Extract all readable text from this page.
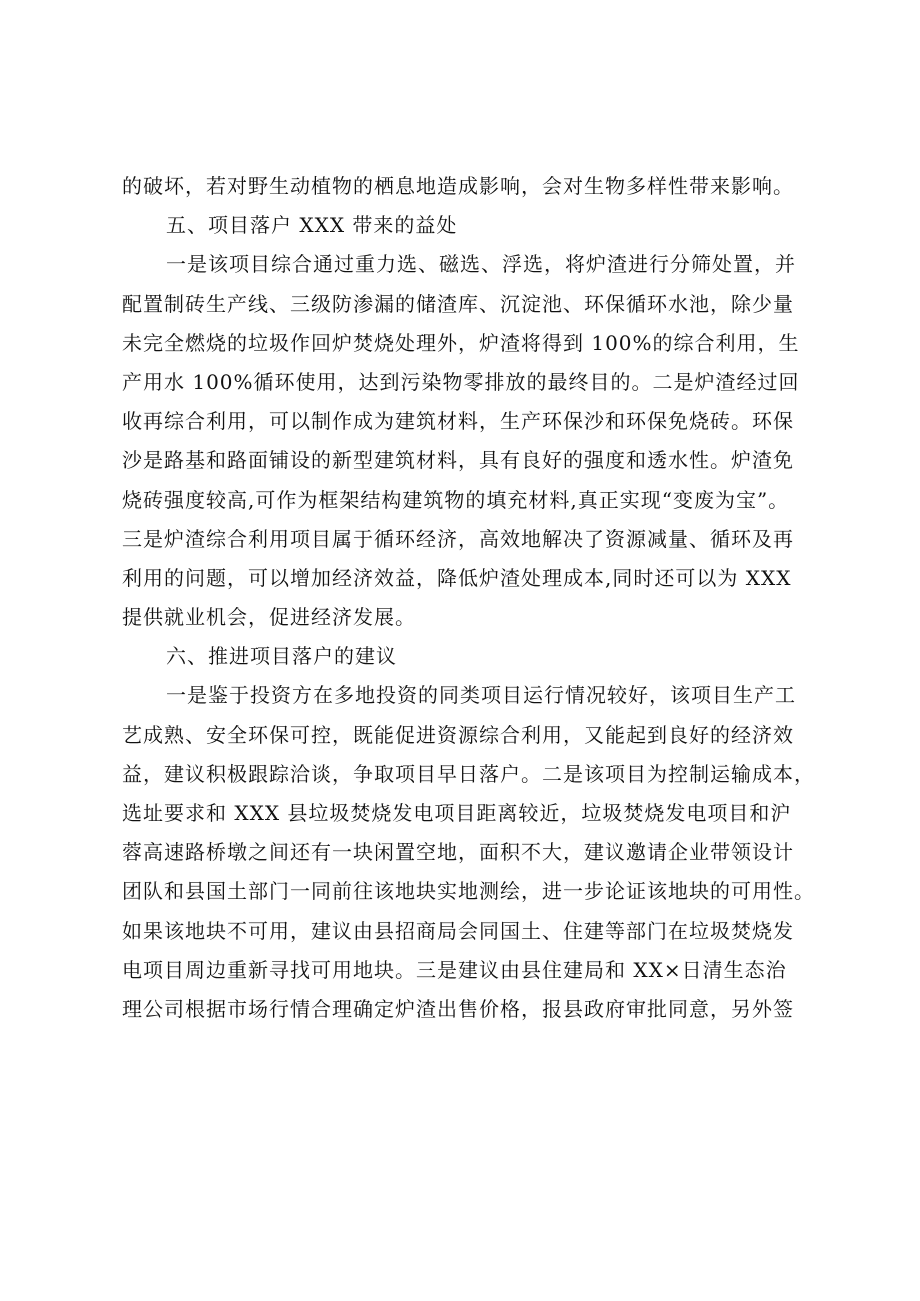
的破坏，若对野生动植物的栖息地造成影响，会对生物多样性带来影响。
五、项目落户 XXX 带来的益处
一是该项目综合通过重力选、磁选、浮选，将炉渣进行分筛处置，并
配置制砖生产线、三级防渗漏的储渣库、沉淀池、环保循环水池，除少量
未完全燃烧的垃圾作回炉焚烧处理外，炉渣将得到 100%的综合利用，生
产用水 100%循环使用，达到污染物零排放的最终目的。二是炉渣经过回
收再综合利用，可以制作成为建筑材料，生产环保沙和环保免烧砖。环保
沙是路基和路面铺设的新型建筑材料，具有良好的强度和透水性。炉渣免
烧砖强度较高,可作为框架结构建筑物的填充材料,真正实现“变废为宝”。
三是炉渣综合利用项目属于循环经济，高效地解决了资源减量、循环及再
利用的问题，可以增加经济效益，降低炉渣处理成本,同时还可以为 XXX
提供就业机会，促进经济发展。
六、推进项目落户的建议
一是鉴于投资方在多地投资的同类项目运行情况较好，该项目生产工
艺成熟、安全环保可控，既能促进资源综合利用，又能起到良好的经济效
益，建议积极跟踪洽谈，争取项目早日落户。二是该项目为控制运输成本，
选址要求和 XXX 县垃圾焚烧发电项目距离较近，垃圾焚烧发电项目和沪
蓉高速路桥墩之间还有一块闲置空地，面积不大，建议邀请企业带领设计
团队和县国土部门一同前往该地块实地测绘，进一步论证该地块的可用性。
如果该地块不可用，建议由县招商局会同国土、住建等部门在垃圾焚烧发
电项目周边重新寻找可用地块。三是建议由县住建局和 XX×日清生态治
理公司根据市场行情合理确定炉渣出售价格，报县政府审批同意，另外签
